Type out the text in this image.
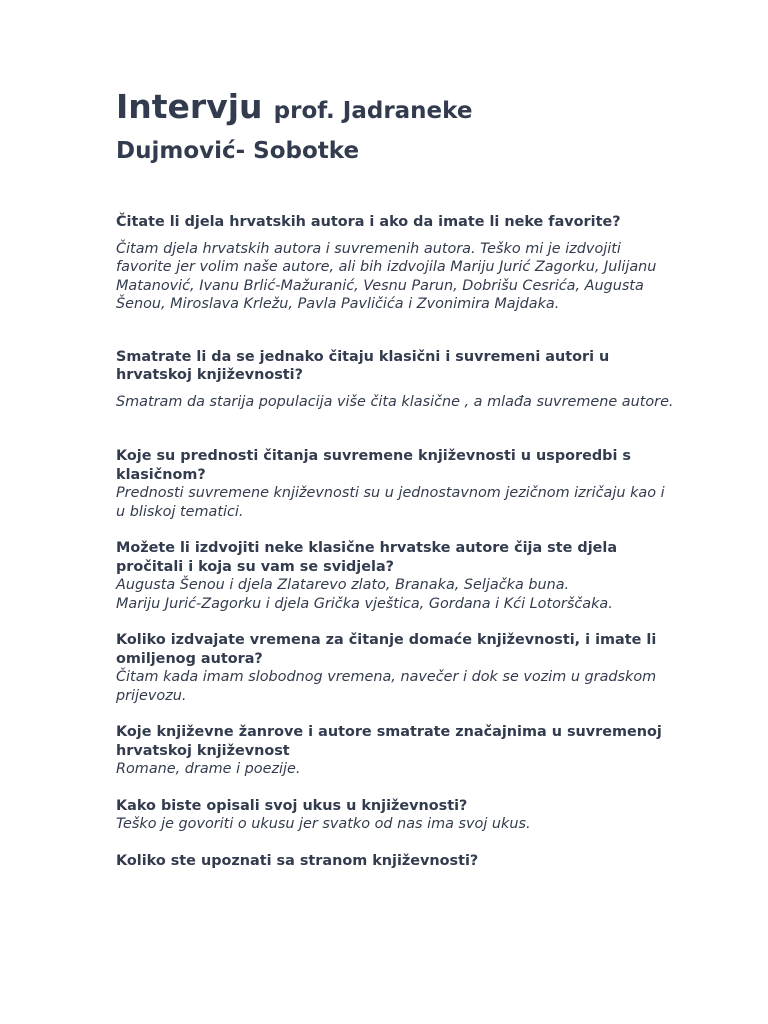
Intervju prof. Jadraneke
Dujmović- Sobotke

Čitate li djela hrvatskih autora i ako da imate li neke favorite?

Čitam djela hrvatskih autora i suvremenih autora. Teško mi je izdvojiti favorite jer volim naše autore, ali bih izdvojila Mariju Jurić Zagorku, Julijanu Matanović, Ivanu Brlić-Mažuranić, Vesnu Parun, Dobrišu Cesrića, Augusta Šenou, Miroslava Krležu, Pavla Pavličića i Zvonimira Majdaka.

Smatrate li da se jednako čitaju klasični i suvremeni autori u hrvatskoj književnosti?

Smatram da starija populacija više čita klasične , a mlađa suvremene autore.

Koje su prednosti čitanja suvremene književnosti u usporedbi s klasičnom?

Prednosti suvremene književnosti su u jednostavnom jezičnom izričaju kao i u bliskoj tematici.

Možete li izdvojiti neke klasične hrvatske autore čija ste djela pročitali i koja su vam se svidjela?

Augusta Šenou i djela Zlatarevo zlato, Branaka, Seljačka buna.

Mariju Jurić-Zagorku i djela Grička vještica, Gordana i Kći Lotorščaka.

Koliko izdvajate vremena za čitanje domaće književnosti, i imate li omiljenog autora?

Čitam kada imam slobodnog vremena, navečer i dok se vozim u gradskom prijevozu.

Koje književne žanrove i autore smatrate značajnima u suvremenoj hrvatskoj književnost

Romane, drame i poezije.

Kako biste opisali svoj ukus u književnosti?

Teško je govoriti o ukusu jer svatko od nas ima svoj ukus.

Koliko ste upoznati sa stranom književnosti?
